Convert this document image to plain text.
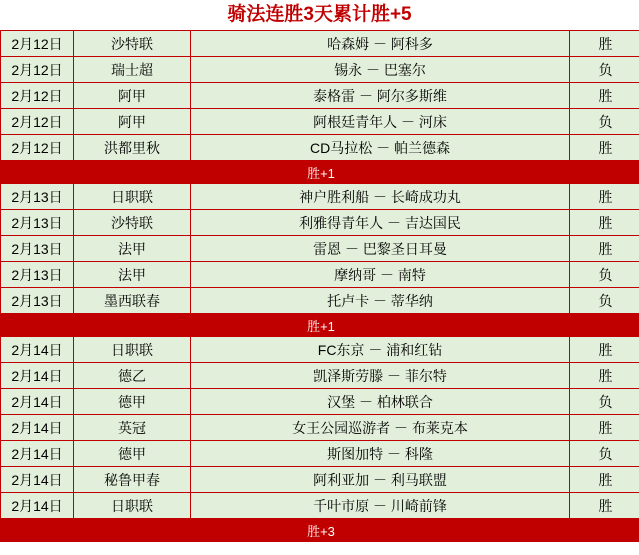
骑法连胜3天累计胜+5
2月12日	沙特联	哈森姆 － 阿科多	胜
2月12日	瑞士超	锡永 － 巴塞尔	负
2月12日	阿甲	泰格雷 － 阿尔多斯维	胜
2月12日	阿甲	阿根廷青年人 － 河床	负
2月12日	洪都里秋	CD马拉松 － 帕兰德森	胜
胜+1			
2月13日	日职联	神户胜利船 － 长崎成功丸	胜
2月13日	沙特联	利雅得青年人 － 吉达国民	胜
2月13日	法甲	雷恩 － 巴黎圣日耳曼	胜
2月13日	法甲	摩纳哥 － 南特	负
2月13日	墨西联春	托卢卡 － 蒂华纳	负
胜+1			
2月14日	日职联	FC东京 － 浦和红钻	胜
2月14日	德乙	凯泽斯劳滕 － 菲尔特	胜
2月14日	德甲	汉堡 － 柏林联合	负
2月14日	英冠	女王公园巡游者 － 布莱克本	胜
2月14日	德甲	斯图加特 － 科隆	负
2月14日	秘鲁甲春	阿利亚加 － 利马联盟	胜
2月14日	日职联	千叶市原 － 川崎前锋	胜
胜+3			
